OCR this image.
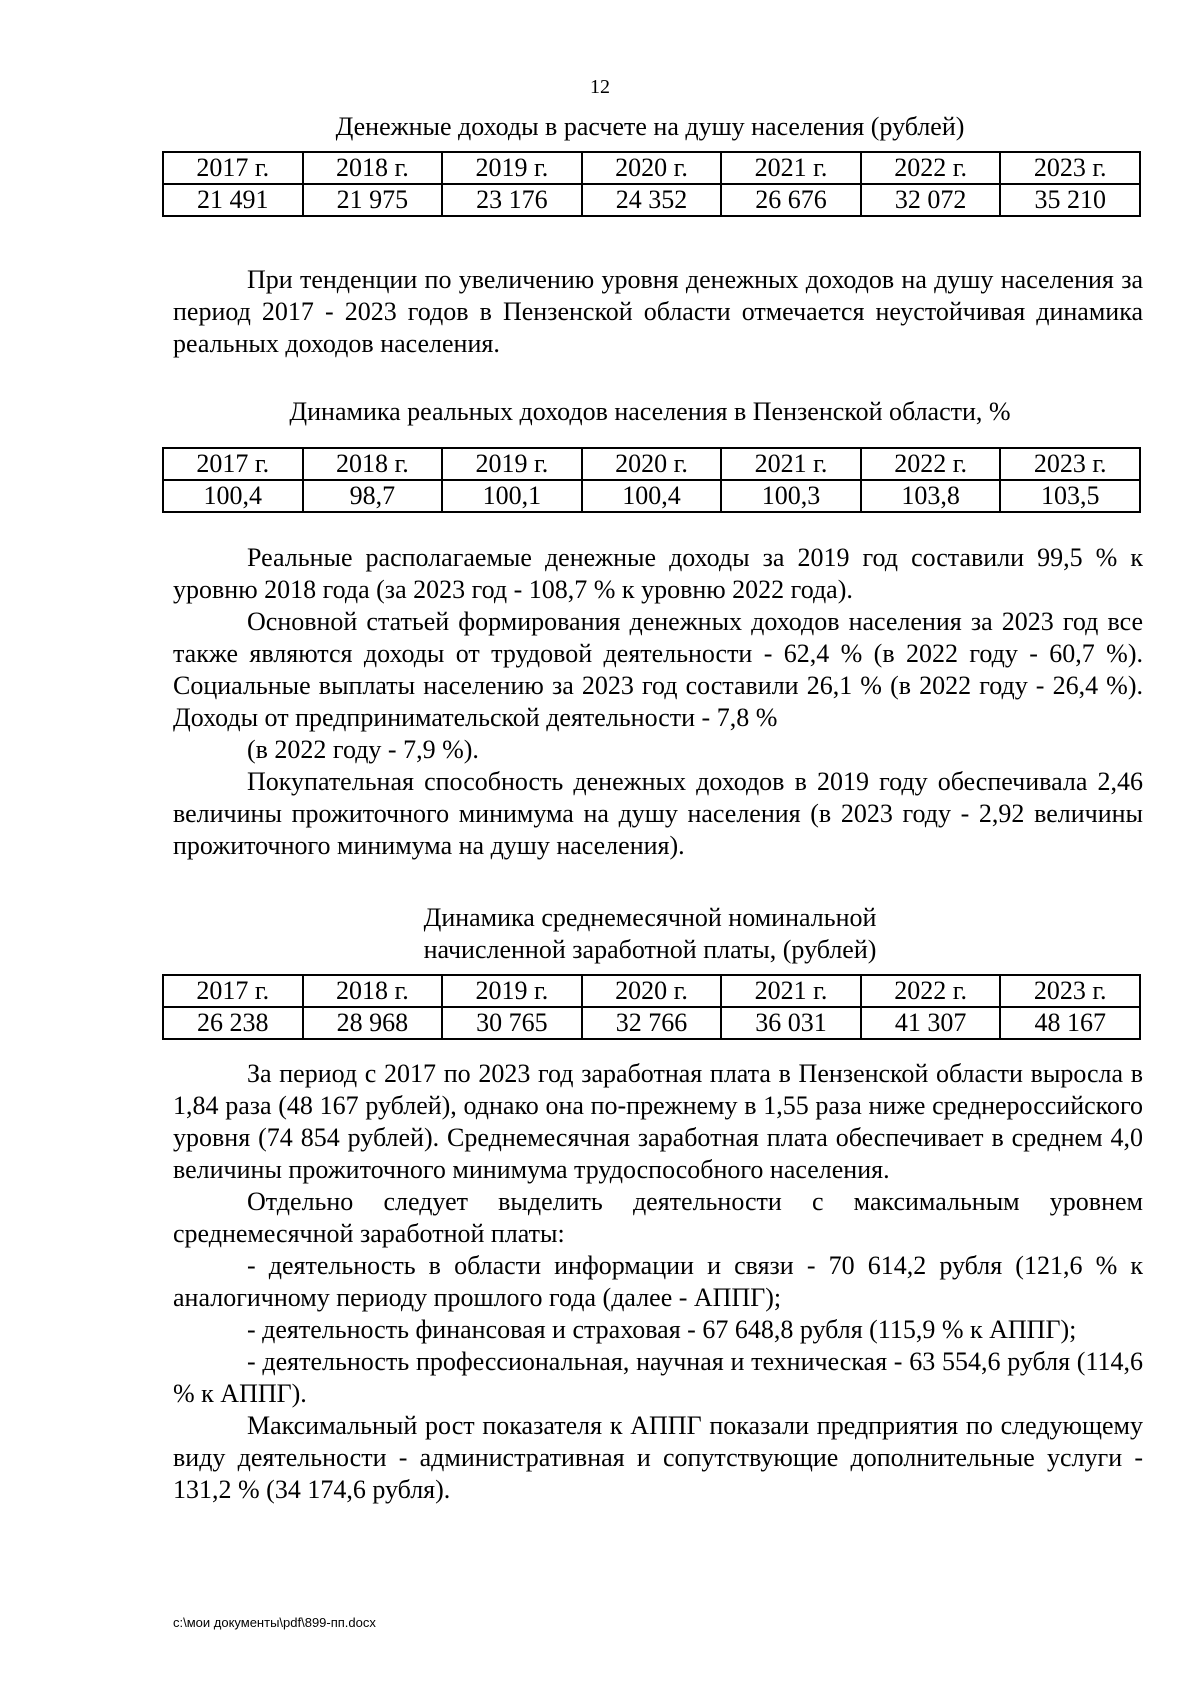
12
Денежные доходы в расчете на душу населения (рублей)
2017 г.	2018 г.	2019 г.	2020 г.	2021 г.	2022 г.	2023 г.
21 491	21 975	23 176	24 352	26 676	32 072	35 210

При тенденции по увеличению уровня денежных доходов на душу населения за период 2017 - 2023 годов в Пензенской области отмечается неустойчивая динамика реальных доходов населения.

Динамика реальных доходов населения в Пензенской области, %
2017 г.	2018 г.	2019 г.	2020 г.	2021 г.	2022 г.	2023 г.
100,4	98,7	100,1	100,4	100,3	103,8	103,5

Реальные располагаемые денежные доходы за 2019 год составили 99,5 % к уровню 2018 года (за 2023 год - 108,7 % к уровню 2022 года).

Основной статьей формирования денежных доходов населения за 2023 год все также являются доходы от трудовой деятельности - 62,4 % (в 2022 году - 60,7 %). Социальные выплаты населению за 2023 год составили 26,1 % (в 2022 году - 26,4 %). Доходы от предпринимательской деятельности - 7,8 %

(в 2022 году - 7,9 %).

Покупательная способность денежных доходов в 2019 году обеспечивала 2,46 величины прожиточного минимума на душу населения (в 2023 году - 2,92 величины прожиточного минимума на душу населения).

Динамика среднемесячной номинальной
начисленной заработной платы, (рублей)
2017 г.	2018 г.	2019 г.	2020 г.	2021 г.	2022 г.	2023 г.
26 238	28 968	30 765	32 766	36 031	41 307	48 167

За период с 2017 по 2023 год заработная плата в Пензенской области выросла в 1,84 раза (48 167 рублей), однако она по-прежнему в 1,55 раза ниже среднероссийского уровня (74 854 рублей). Среднемесячная заработная плата обеспечивает в среднем 4,0 величины прожиточного минимума трудоспособного населения.

Отдельно следует выделить деятельности с максимальным уровнем среднемесячной заработной платы:

- деятельность в области информации и связи - 70 614,2 рубля (121,6 % к аналогичному периоду прошлого года (далее - АППГ);

- деятельность финансовая и страховая - 67 648,8 рубля (115,9 % к АППГ);

- деятельность профессиональная, научная и техническая - 63 554,6 рубля (114,6 % к АППГ).

Максимальный рост показателя к АППГ показали предприятия по следующему виду деятельности - административная и сопутствующие дополнительные услуги - 131,2 % (34 174,6 рубля).

c:\мои документы\pdf\899-пп.docx
